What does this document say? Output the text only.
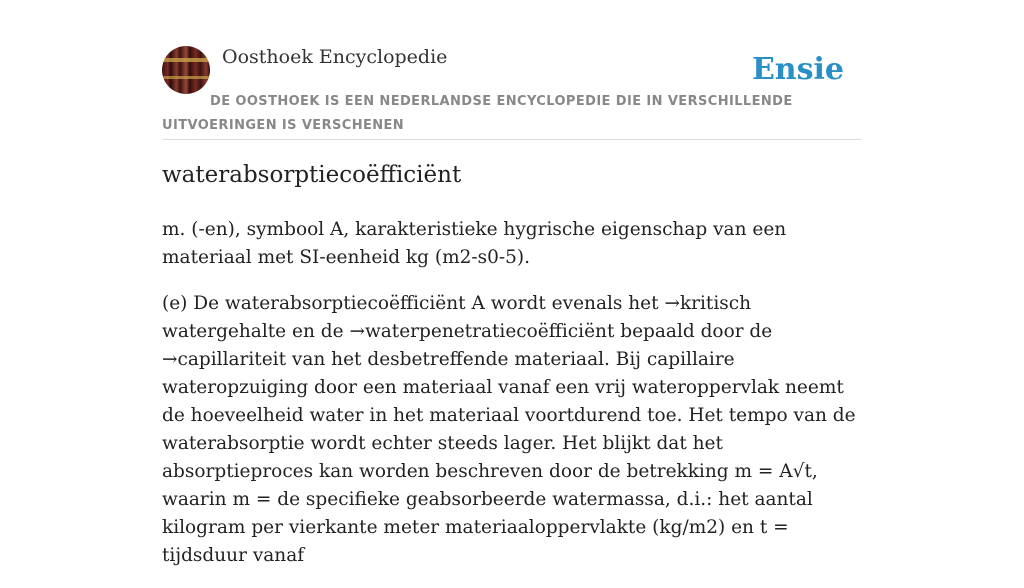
Oosthoek Encyclopedie	Ensie
DE OOSTHOEK IS EEN NEDERLANDSE ENCYCLOPEDIE DIE IN VERSCHILLENDE UITVOERINGEN IS VERSCHENEN
waterabsorptiecoëfficiënt

m. (-en), symbool A, karakteristieke hygrische eigenschap van een materiaal met SI-eenheid kg (m2-s0-5).

(e) De waterabsorptiecoëfficiënt A wordt evenals het →kritisch watergehalte en de →waterpenetratiecoëfficiënt bepaald door de →capillariteit van het desbetreffende materiaal. Bij capillaire wateropzuiging door een materiaal vanaf een vrij wateroppervlak neemt de hoeveelheid water in het materiaal voortdurend toe. Het tempo van de waterabsorptie wordt echter steeds lager. Het blijkt dat het absorptieproces kan worden beschreven door de betrekking m = A√t, waarin m = de specifieke geabsorbeerde watermassa, d.i.: het aantal kilogram per vierkante meter materiaaloppervlakte (kg/m2) en t = tijdsduur vanaf
